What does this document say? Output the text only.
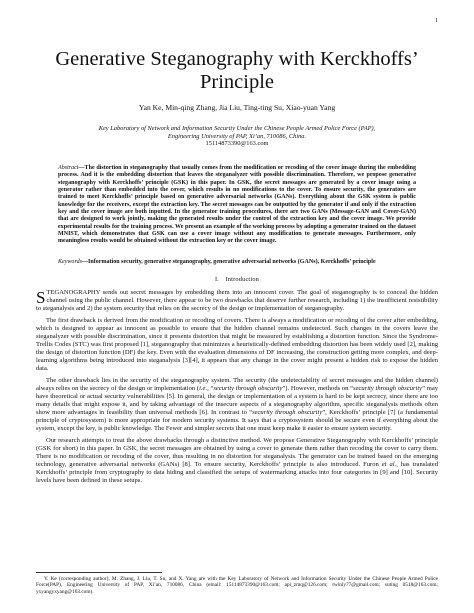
1
Generative Steganography with Kerckhoffs’ Principle
Yan Ke, Min-qing Zhang, Jia Liu, Ting-ting Su, Xiao-yuan Yang
Key Laboratory of Network and Information Security Under the Chinese People Armed Police Force (PAP),
Engineering University of PAP, Xi’an, 710086, China.
15114873390@163.com
Abstract—The distortion in steganography that usually comes from the modification or recoding of the cover image during the embedding process. And it is the embedding distortion that leaves the steganalyzer with possible discrimination. Therefore, we propose generative steganography with Kerckhoffs’ principle (GSK) in this paper. In GSK, the secret messages are generated by a cover image using a generator rather than embedded into the cover, which results in no modifications to the cover. To ensure security, the generators are trained to meet Kerckhoffs’ principle based on generative adversarial networks (GANs). Everything about the GSK system is public knowledge for the receivers, except the extraction key. The secret messages can be outputted by the generator if and only if the extraction key and the cover image are both inputted. In the generator training procedures, there are two GANs (Message-GAN and Cover-GAN) that are designed to work jointly, making the generated results under the control of the extraction key and the cover image. We provide experimental results for the training process. We present an example of the working process by adopting a generator trained on the dataset MNIST, which demonstrates that GSK can use a cover image without any modification to generate messages. Furthermore, only meaningless results would be obtained without the extraction key or the cover image.
Keywords—Information security, generative steganography, generative adversarial networks (GANs), Kerckhoffs’ principle
I. Introduction

STEGANOGRAPHY sends out secret messages by embedding them into an innocent cover. The goal of steganography is to conceal the hidden channel using the public channel. However, there appear to be two drawbacks that deserve further research, including 1) the insufficient resistibility to steganalysis and 2) the system security that relies on the secrecy of the design or implementation of steganography.

The first drawback is derived from the modification or recoding of covers. There is always a modification or recoding of the cover after embedding, which is designed to appear as innocent as possible to ensure that the hidden channel remains undetected. Such changes in the covers leave the steganalyzer with possible discrimination, since it presents distortion that might be measured by establishing a distortion function. Since the Syndrome-Trellis Codes (STC) was first proposed [1], steganography that minimizes a heuristically-defined embedding distortion has been widely used [2], making the design of distortion function (DF) the key. Even with the evaluation dimensions of DF increasing, the construction getting more complex, and deep-learning algorithms being introduced into steganalysis [3][4], it appears that any change in the cover might present a hidden risk to expose the hidden data.

The other drawback lies in the security of the steganography system. The security (the undetectability of secret messages and the hidden channel) always relies on the secrecy of the design or implementation (i.e., “security through obscurity”). However, methods on “security through obscurity” may have theoretical or actual security vulnerabilities [5]. In general, the design or implementation of a system is hard to be kept secrecy, since there are too many details that might expose it, and by taking advantage of the insecure aspects of a steganography algorithm, specific steganalysis methods often show more advantages in feasibility than universal methods [6]. In contrast to “security through obscurity”, Kerckhoffs’ principle [7] (a fundamental principle of cryptosystem) is more appropriate for modern security systems. It says that a cryptosystem should be secure even if everything about the system, except the key, is public knowledge. The Fewer and simpler secrets that one must keep make it easier to ensure system security.

Our research attempts to treat the above drawbacks through a distinctive method. We propose Generative Steganography with Kerckhoffs’ principle (GSK for short) in this paper. In GSK, the secret messages are obtained by using a cover to generate them rather than recoding the cover to carry them. There is no modification or recoding of the cover, thus resulting in no distortion for steganalysis. The generator can be trained based on the emerging technology, generative adversarial networks (GANs) [8]. To ensure security, Kerckhoffs’ principle is also introduced. Furon et al., has translated Kerckhoffs’ principle from cryptography to data hiding and classified the setups of watermarking attacks into four categories in [9] and [10]. Security levels have been defined in these setups.

Y. Ke (corresponding author), M. Zhang, J. Liu, T. Su, and X. Yang are with the Key Laboratory of Network and Information Security Under the Chinese People Armed Police Force(PAP), Engineering University of PAP, Xi’an, 710086, China (email: 15114873390@163.com; api_zmq@126.com; twinly77@gmail.com; suting 0518@163.com; yxyangyxyang@163.com).
